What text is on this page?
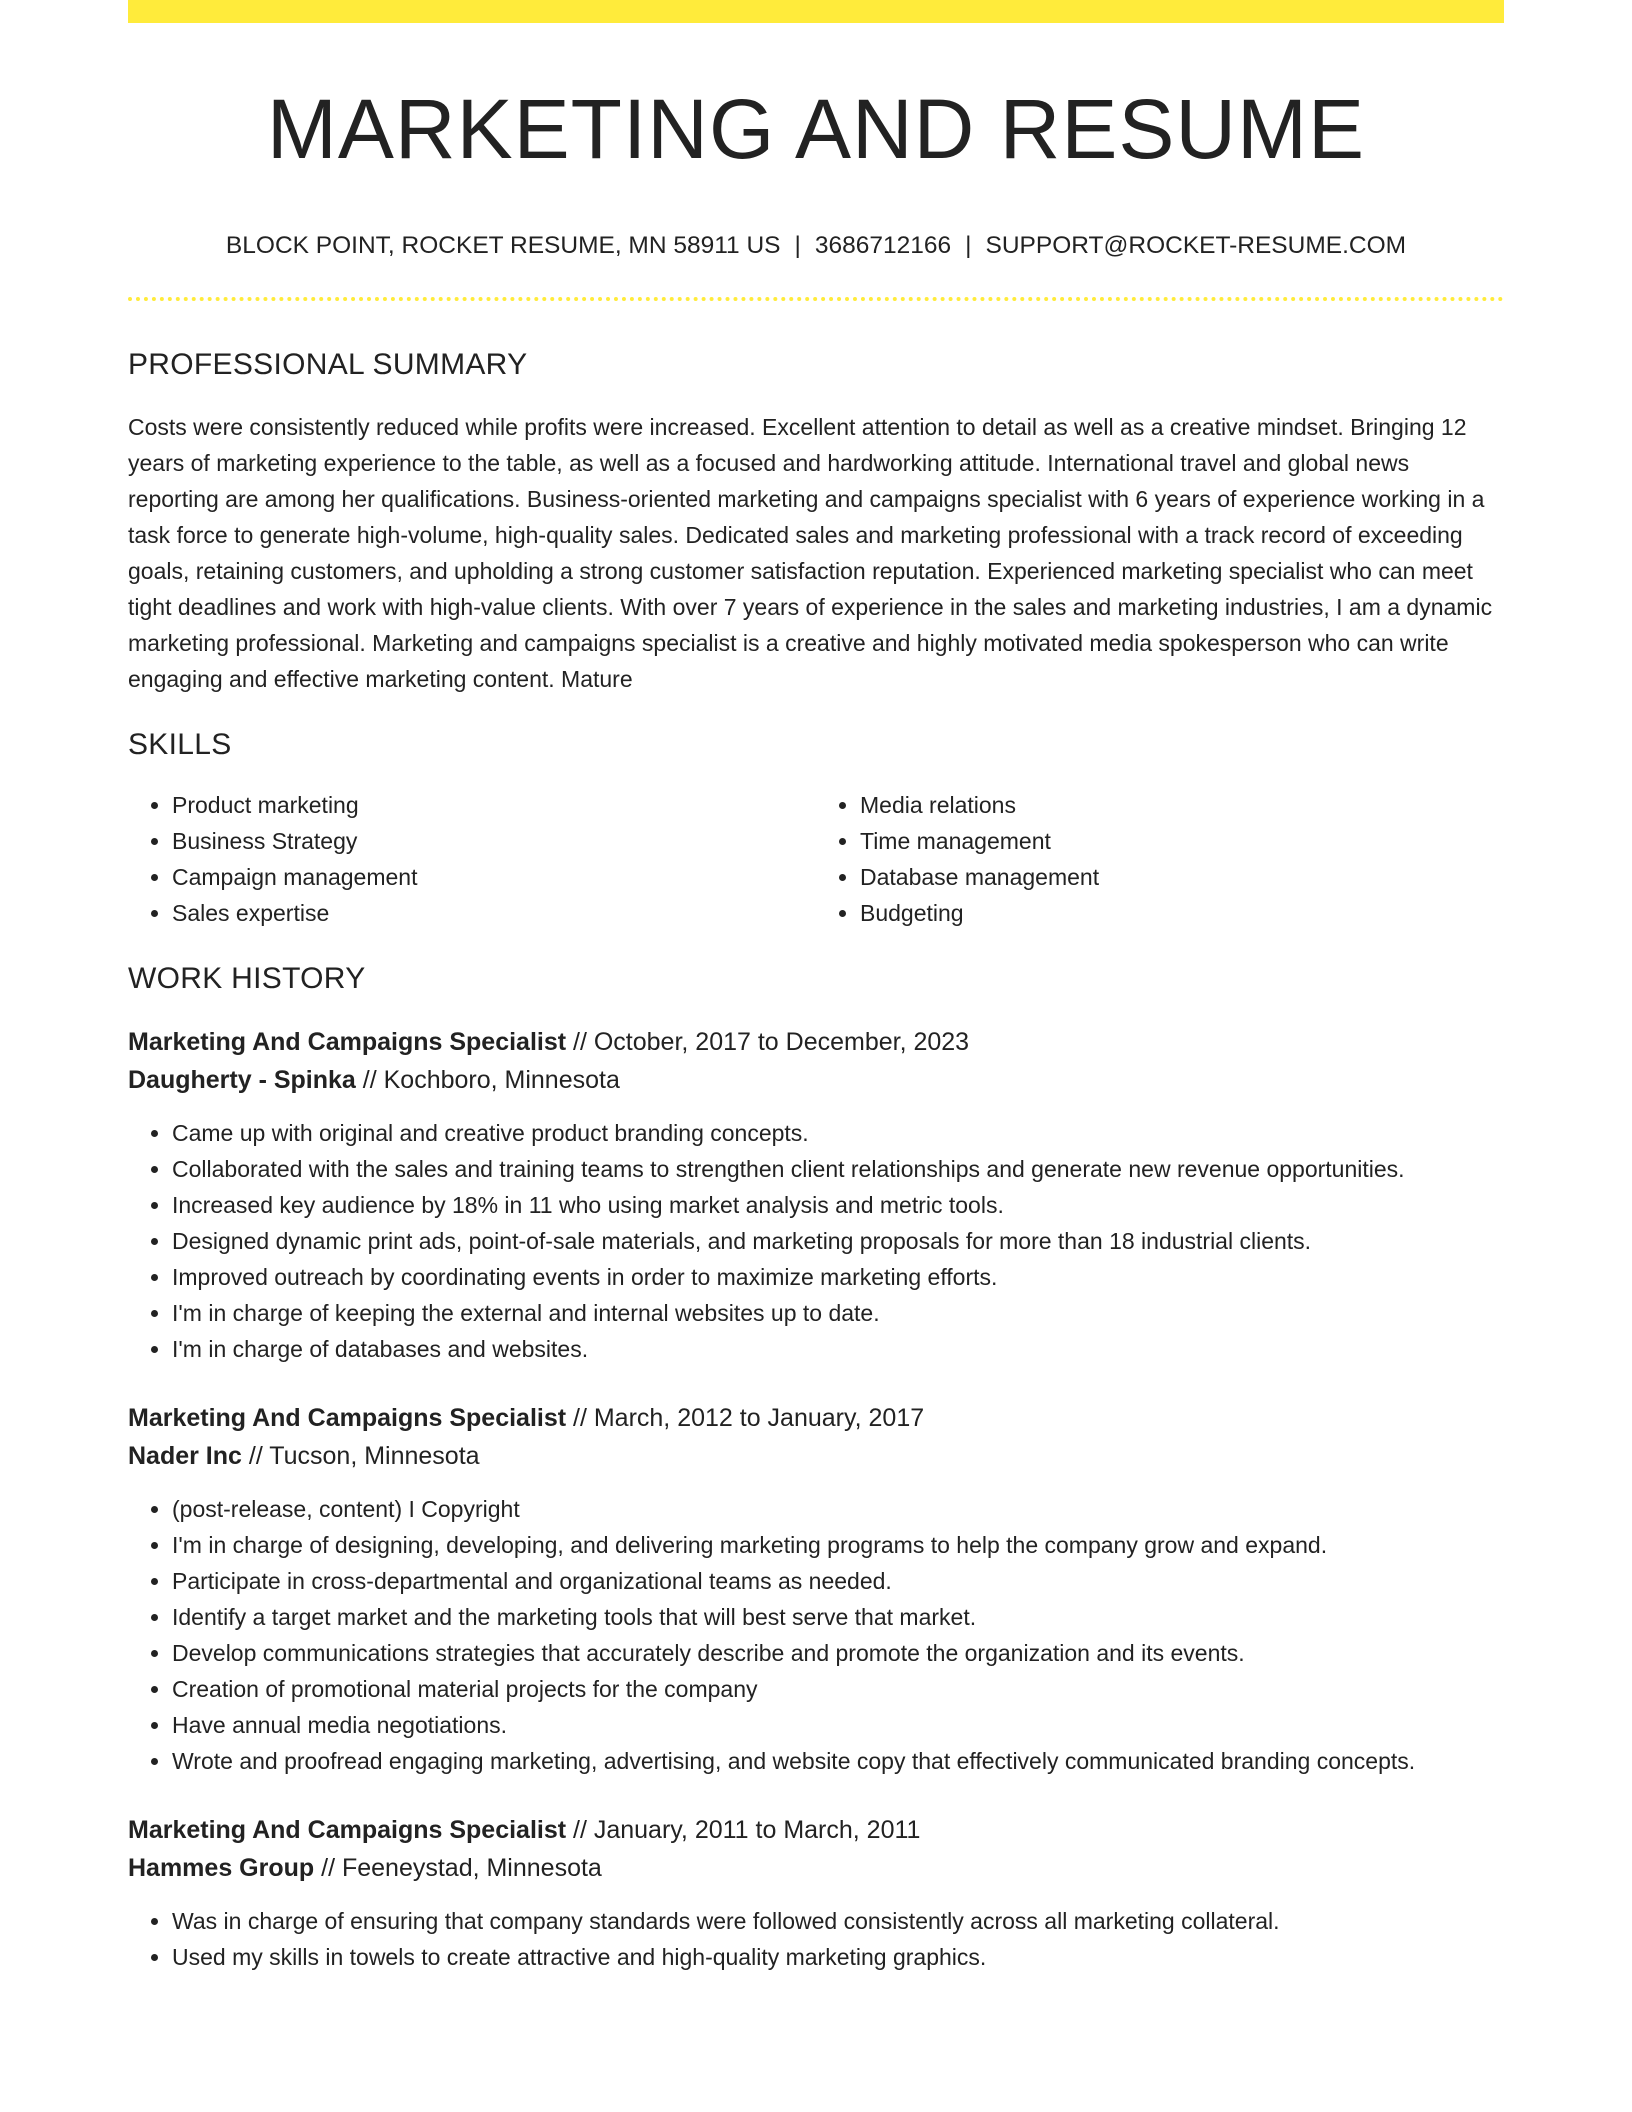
MARKETING AND RESUME
BLOCK POINT, ROCKET RESUME, MN 58911 US | 3686712166 | SUPPORT@ROCKET-RESUME.COM
PROFESSIONAL SUMMARY
Costs were consistently reduced while profits were increased. Excellent attention to detail as well as a creative mindset. Bringing 12 years of marketing experience to the table, as well as a focused and hardworking attitude. International travel and global news reporting are among her qualifications. Business-oriented marketing and campaigns specialist with 6 years of experience working in a task force to generate high-volume, high-quality sales. Dedicated sales and marketing professional with a track record of exceeding goals, retaining customers, and upholding a strong customer satisfaction reputation. Experienced marketing specialist who can meet tight deadlines and work with high-value clients. With over 7 years of experience in the sales and marketing industries, I am a dynamic marketing professional. Marketing and campaigns specialist is a creative and highly motivated media spokesperson who can write engaging and effective marketing content. Mature
SKILLS
• Product marketing
• Business Strategy
• Campaign management
• Sales expertise
• Media relations
• Time management
• Database management
• Budgeting
WORK HISTORY
Marketing And Campaigns Specialist // October, 2017 to December, 2023
Daugherty - Spinka // Kochboro, Minnesota
• Came up with original and creative product branding concepts.
• Collaborated with the sales and training teams to strengthen client relationships and generate new revenue opportunities.
• Increased key audience by 18% in 11 who using market analysis and metric tools.
• Designed dynamic print ads, point-of-sale materials, and marketing proposals for more than 18 industrial clients.
• Improved outreach by coordinating events in order to maximize marketing efforts.
• I'm in charge of keeping the external and internal websites up to date.
• I'm in charge of databases and websites.
Marketing And Campaigns Specialist // March, 2012 to January, 2017
Nader Inc // Tucson, Minnesota
• (post-release, content) I Copyright
• I'm in charge of designing, developing, and delivering marketing programs to help the company grow and expand.
• Participate in cross-departmental and organizational teams as needed.
• Identify a target market and the marketing tools that will best serve that market.
• Develop communications strategies that accurately describe and promote the organization and its events.
• Creation of promotional material projects for the company
• Have annual media negotiations.
• Wrote and proofread engaging marketing, advertising, and website copy that effectively communicated branding concepts.
Marketing And Campaigns Specialist // January, 2011 to March, 2011
Hammes Group // Feeneystad, Minnesota
• Was in charge of ensuring that company standards were followed consistently across all marketing collateral.
• Used my skills in towels to create attractive and high-quality marketing graphics.
